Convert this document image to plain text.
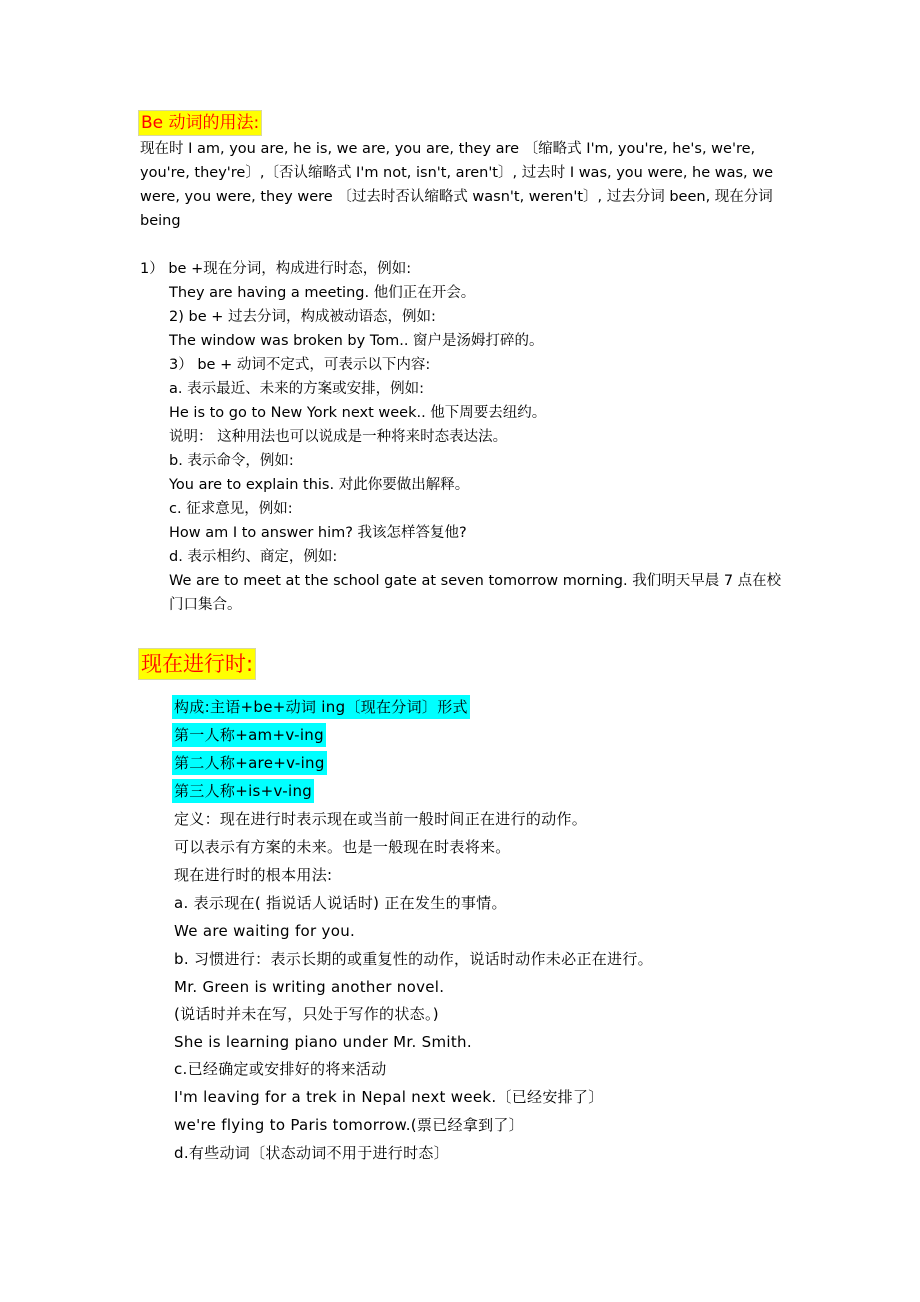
Be 动词的用法:
现在时 I am, you are, he is, we are, you are, they are 〔缩略式 I'm, you're, he's, we're, you're, they're〕,〔否认缩略式 I'm not, isn't, aren't〕, 过去时 I was, you were, he was, we were, you were, they were 〔过去时否认缩略式 wasn't, weren't〕, 过去分词 been, 现在分词 being
1） be +现在分词，构成进行时态，例如:
They are having a meeting. 他们正在开会。
2) be + 过去分词，构成被动语态，例如:
The window was broken by Tom.. 窗户是汤姆打碎的。
3） be + 动词不定式，可表示以下内容:
a. 表示最近、未来的方案或安排，例如:
He is to go to New York next week.. 他下周要去纽约。
说明： 这种用法也可以说成是一种将来时态表达法。
b. 表示命令，例如:
You are to explain this. 对此你要做出解释。
c. 征求意见，例如:
How am I to answer him? 我该怎样答复他?
d. 表示相约、商定，例如:
We are to meet at the school gate at seven tomorrow morning. 我们明天早晨 7 点在校
门口集合。
现在进行时:
构成:主语+be+动词 ing〔现在分词〕形式
第一人称+am+v-ing
第二人称+are+v-ing
第三人称+is+v-ing
定义：现在进行时表示现在或当前一般时间正在进行的动作。
可以表示有方案的未来。也是一般现在时表将来。
现在进行时的根本用法:
a. 表示现在( 指说话人说话时) 正在发生的事情。
We are waiting for you.
b. 习惯进行：表示长期的或重复性的动作，说话时动作未必正在进行。
Mr. Green is writing another novel.
(说话时并未在写，只处于写作的状态。)
She is learning piano under Mr. Smith.
c.已经确定或安排好的将来活动
I'm leaving for a trek in Nepal next week.〔已经安排了〕
we're flying to Paris tomorrow.(票已经拿到了〕
d.有些动词〔状态动词不用于进行时态〕
